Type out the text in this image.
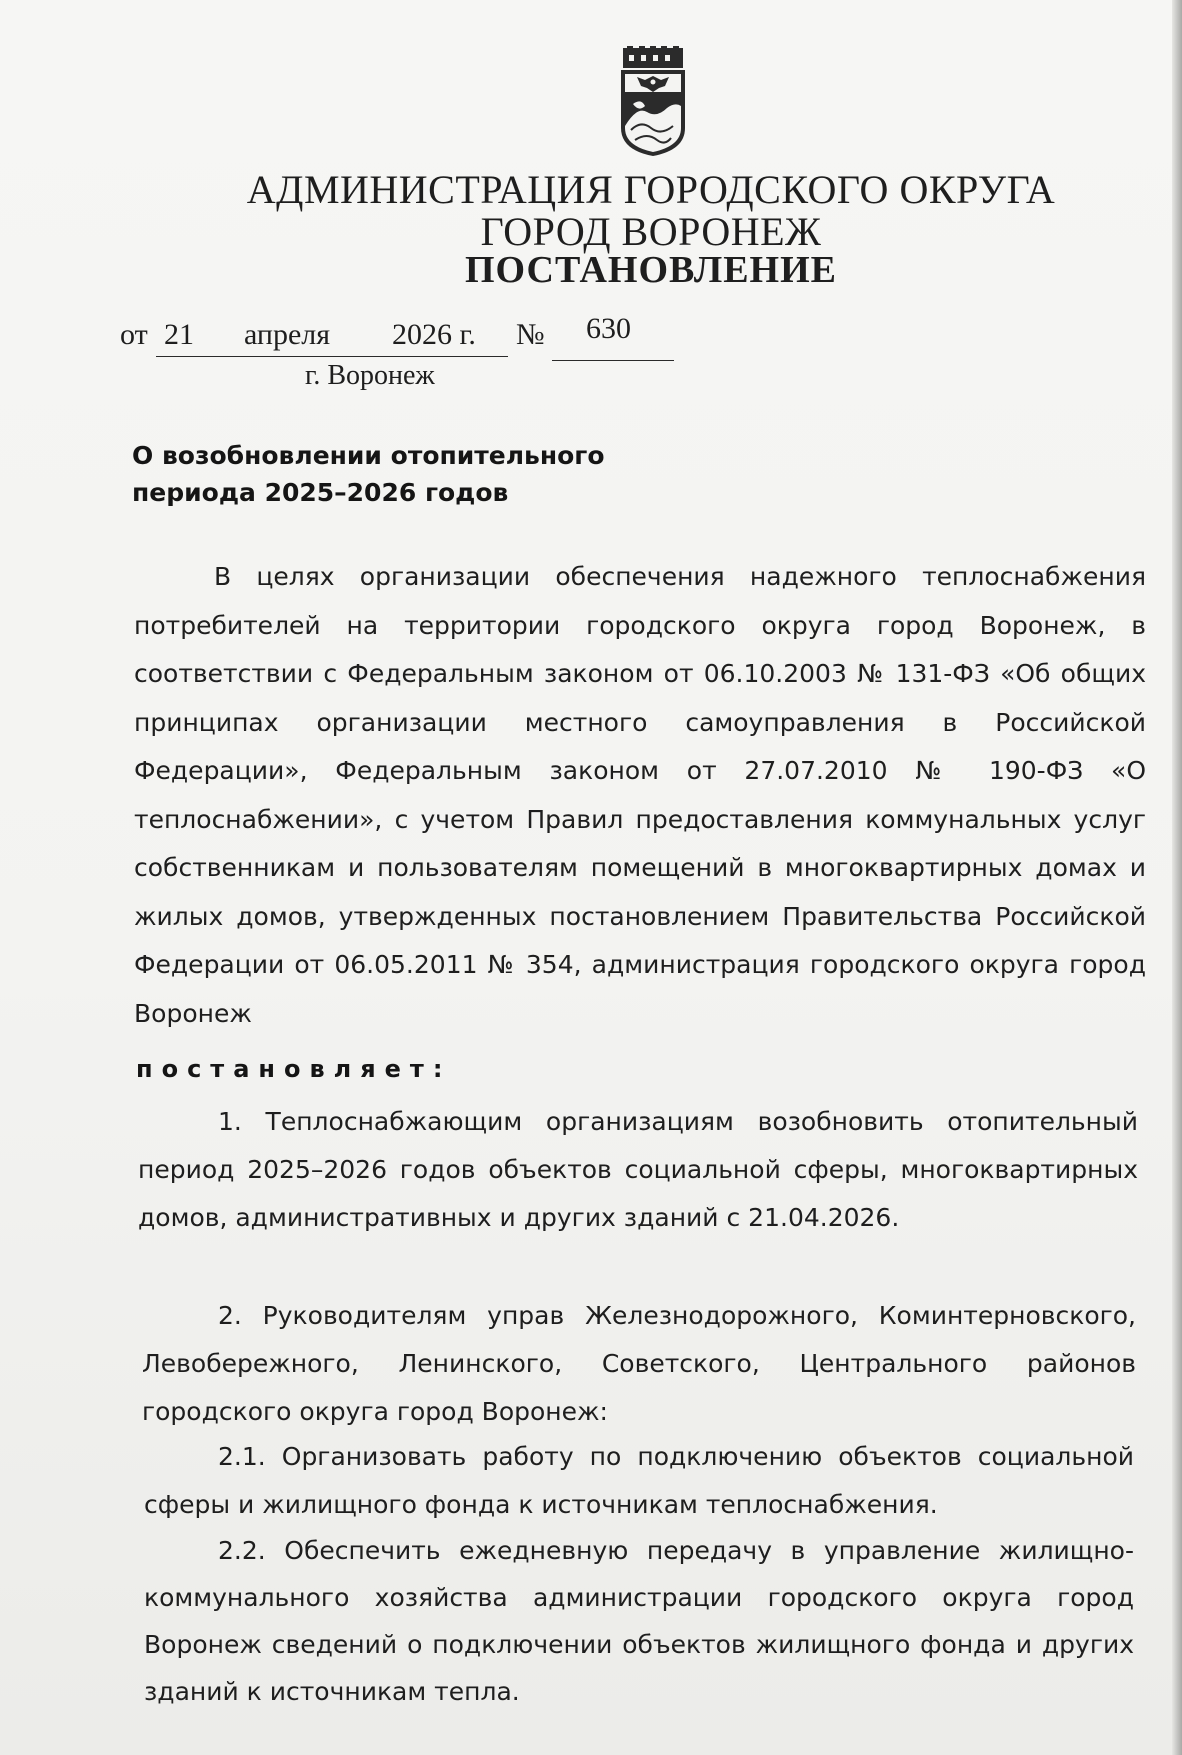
АДМИНИСТРАЦИЯ ГОРОДСКОГО ОКРУГА
ГОРОД ВОРОНЕЖ
ПОСТАНОВЛЕНИЕ
от 21 апреля 2026 г. № 630
г. Воронеж
О возобновлении отопительного
периода 2025–2026 годов

В целях организации обеспечения надежного теплоснабжения потребителей на территории городского округа город Воронеж, в соответствии с Федеральным законом от 06.10.2003 № 131-ФЗ «Об общих принципах организации местного самоуправления в Российской Федерации», Федеральным законом от 27.07.2010 № 190-ФЗ «О теплоснабжении», с учетом Правил предоставления коммунальных услуг собственникам и пользователям помещений в многоквартирных домах и жилых домов, утвержденных постановлением Правительства Российской Федерации от 06.05.2011 № 354, администрация городского округа город Воронеж

постановляет:

1. Теплоснабжающим организациям возобновить отопительный период 2025–2026 годов объектов социальной сферы, многоквартирных домов, административных и других зданий с 21.04.2026.

2. Руководителям управ Железнодорожного, Коминтерновского, Левобережного, Ленинского, Советского, Центрального районов городского округа город Воронеж:

2.1. Организовать работу по подключению объектов социальной сферы и жилищного фонда к источникам теплоснабжения.

2.2. Обеспечить ежедневную передачу в управление жилищно-коммунального хозяйства администрации городского округа город Воронеж сведений о подключении объектов жилищного фонда и других зданий к источникам тепла.
